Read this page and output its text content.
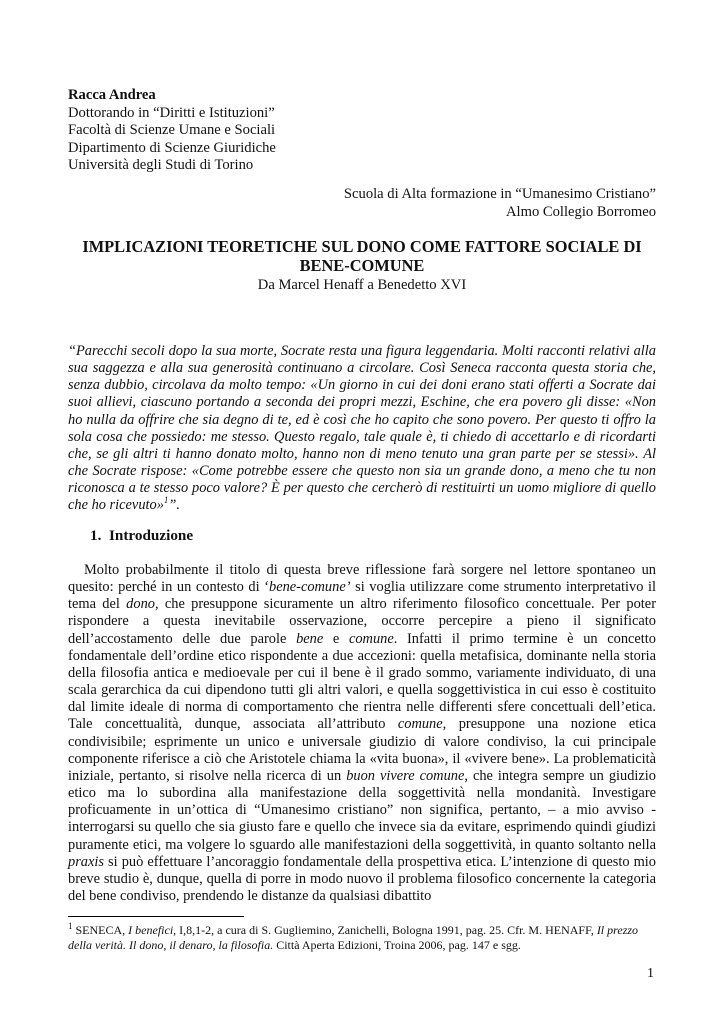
Racca Andrea
Dottorando in “Diritti e Istituzioni”
Facoltà di Scienze Umane e Sociali
Dipartimento di Scienze Giuridiche
Università degli Studi di Torino
Scuola di Alta formazione in “Umanesimo Cristiano”
Almo Collegio Borromeo
IMPLICAZIONI TEORETICHE SUL DONO COME FATTORE SOCIALE DI
BENE-COMUNE
Da Marcel Henaff a Benedetto XVI
“Parecchi secoli dopo la sua morte, Socrate resta una figura leggendaria. Molti racconti relativi alla sua saggezza e alla sua generosità continuano a circolare. Così Seneca racconta questa storia che, senza dubbio, circolava da molto tempo: «Un giorno in cui dei doni erano stati offerti a Socrate dai suoi allievi, ciascuno portando a seconda dei propri mezzi, Eschine, che era povero gli disse: «Non ho nulla da offrire che sia degno di te, ed è così che ho capito che sono povero. Per questo ti offro la sola cosa che possiedo: me stesso. Questo regalo, tale quale è, ti chiedo di accettarlo e di ricordarti che, se gli altri ti hanno donato molto, hanno non di meno tenuto una gran parte per se stessi». Al che Socrate rispose: «Come potrebbe essere che questo non sia un grande dono, a meno che tu non riconosca a te stesso poco valore? È per questo che cercherò di restituirti un uomo migliore di quello che ho ricevuto»$^1$”.
1. Introduzione
Molto probabilmente il titolo di questa breve riflessione farà sorgere nel lettore spontaneo un quesito: perché in un contesto di ‘bene-comune’ si voglia utilizzare come strumento interpretativo il tema del dono, che presuppone sicuramente un altro riferimento filosofico concettuale. Per poter rispondere a questa inevitabile osservazione, occorre percepire a pieno il significato dell’accostamento delle due parole bene e comune. Infatti il primo termine è un concetto fondamentale dell’ordine etico rispondente a due accezioni: quella metafisica, dominante nella storia della filosofia antica e medioevale per cui il bene è il grado sommo, variamente individuato, di una scala gerarchica da cui dipendono tutti gli altri valori, e quella soggettivistica in cui esso è costituito dal limite ideale di norma di comportamento che rientra nelle differenti sfere concettuali dell’etica. Tale concettualità, dunque, associata all’attributo comune, presuppone una nozione etica condivisibile; esprimente un unico e universale giudizio di valore condiviso, la cui principale componente riferisce a ciò che Aristotele chiama la «vita buona», il «vivere bene». La problematicità iniziale, pertanto, si risolve nella ricerca di un buon vivere comune, che integra sempre un giudizio etico ma lo subordina alla manifestazione della soggettività nella mondanità. Investigare proficuamente in un’ottica di “Umanesimo cristiano” non significa, pertanto, – a mio avviso - interrogarsi su quello che sia giusto fare e quello che invece sia da evitare, esprimendo quindi giudizi puramente etici, ma volgere lo sguardo alle manifestazioni della soggettività, in quanto soltanto nella praxis si può effettuare l’ancoraggio fondamentale della prospettiva etica. L’intenzione di questo mio breve studio è, dunque, quella di porre in modo nuovo il problema filosofico concernente la categoria del bene condiviso, prendendo le distanze da qualsiasi dibattito
$^1$ SENECA, I benefici, I,8,1-2, a cura di S. Gugliemino, Zanichelli, Bologna 1991, pag. 25. Cfr. M. HENAFF, Il prezzo della verità. Il dono, il denaro, la filosofia. Città Aperta Edizioni, Troina 2006, pag. 147 e sgg.
1
